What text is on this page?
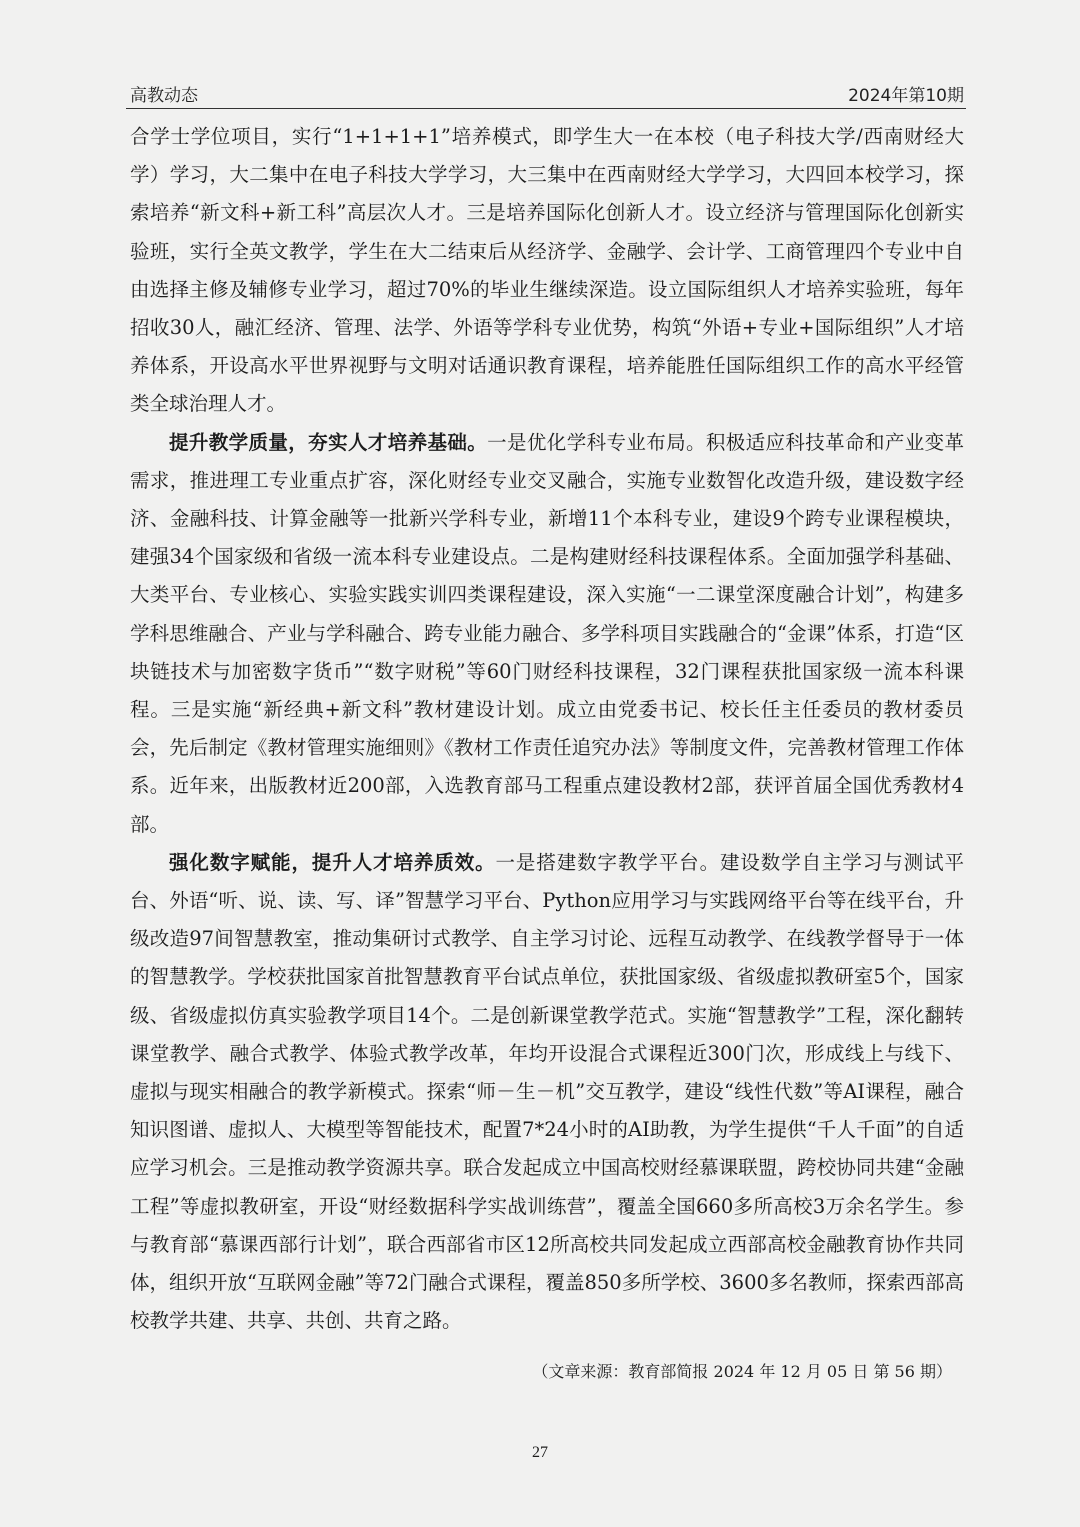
高教动态	2024年第10期

合学士学位项目，实行“1+1+1+1”培养模式，即学生大一在本校（电子科技大学/西南财经大学）学习，大二集中在电子科技大学学习，大三集中在西南财经大学学习，大四回本校学习，探索培养“新文科+新工科”高层次人才。三是培养国际化创新人才。设立经济与管理国际化创新实验班，实行全英文教学，学生在大二结束后从经济学、金融学、会计学、工商管理四个专业中自由选择主修及辅修专业学习，超过70%的毕业生继续深造。设立国际组织人才培养实验班，每年招收30人，融汇经济、管理、法学、外语等学科专业优势，构筑“外语+专业+国际组织”人才培养体系，开设高水平世界视野与文明对话通识教育课程，培养能胜任国际组织工作的高水平经管类全球治理人才。

提升教学质量，夯实人才培养基础。一是优化学科专业布局。积极适应科技革命和产业变革需求，推进理工专业重点扩容，深化财经专业交叉融合，实施专业数智化改造升级，建设数字经济、金融科技、计算金融等一批新兴学科专业，新增11个本科专业，建设9个跨专业课程模块，建强34个国家级和省级一流本科专业建设点。二是构建财经科技课程体系。全面加强学科基础、大类平台、专业核心、实验实践实训四类课程建设，深入实施“一二课堂深度融合计划”，构建多学科思维融合、产业与学科融合、跨专业能力融合、多学科项目实践融合的“金课”体系，打造“区块链技术与加密数字货币”“数字财税”等60门财经科技课程，32门课程获批国家级一流本科课程。三是实施“新经典+新文科”教材建设计划。成立由党委书记、校长任主任委员的教材委员会，先后制定《教材管理实施细则》《教材工作责任追究办法》等制度文件，完善教材管理工作体系。近年来，出版教材近200部，入选教育部马工程重点建设教材2部，获评首届全国优秀教材4部。

强化数字赋能，提升人才培养质效。一是搭建数字教学平台。建设数学自主学习与测试平台、外语“听、说、读、写、译”智慧学习平台、Python应用学习与实践网络平台等在线平台，升级改造97间智慧教室，推动集研讨式教学、自主学习讨论、远程互动教学、在线教学督导于一体的智慧教学。学校获批国家首批智慧教育平台试点单位，获批国家级、省级虚拟教研室5个，国家级、省级虚拟仿真实验教学项目14个。二是创新课堂教学范式。实施“智慧教学”工程，深化翻转课堂教学、融合式教学、体验式教学改革，年均开设混合式课程近300门次，形成线上与线下、虚拟与现实相融合的教学新模式。探索“师－生－机”交互教学，建设“线性代数”等AI课程，融合知识图谱、虚拟人、大模型等智能技术，配置7*24小时的AI助教，为学生提供“千人千面”的自适应学习机会。三是推动教学资源共享。联合发起成立中国高校财经慕课联盟，跨校协同共建“金融工程”等虚拟教研室，开设“财经数据科学实战训练营”，覆盖全国660多所高校3万余名学生。参与教育部“慕课西部行计划”，联合西部省市区12所高校共同发起成立西部高校金融教育协作共同体，组织开放“互联网金融”等72门融合式课程，覆盖850多所学校、3600多名教师，探索西部高校教学共建、共享、共创、共育之路。

（文章来源：教育部简报 2024 年 12 月 05 日 第 56 期）
27
